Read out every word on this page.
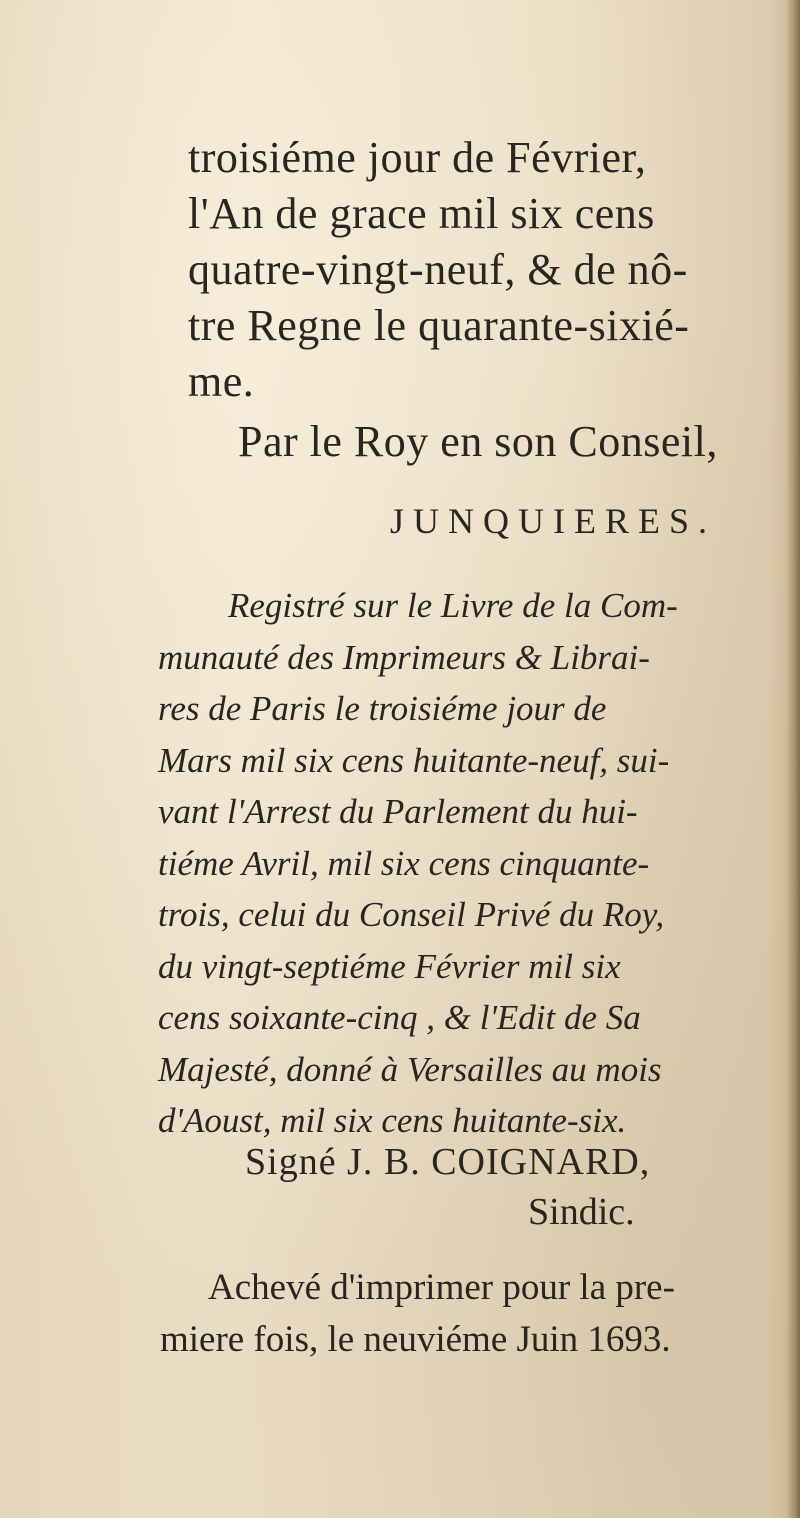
troisiéme jour de Février,
l'An de grace mil six cens
quatre-vingt-neuf, & de nô-
tre Regne le quarante-sixié-
me.
Par le Roy en son Conseil,
JUNQUIERES.
Registré sur le Livre de la Com-
munauté des Imprimeurs & Librai-
res de Paris le troisiéme jour de
Mars mil six cens huitante-neuf, sui-
vant l'Arrest du Parlement du hui-
tiéme Avril, mil six cens cinquante-
trois, celui du Conseil Privé du Roy,
du vingt-septiéme Février mil six
cens soixante-cinq , & l'Edit de Sa
Majesté, donné à Versailles au mois
d'Aoust, mil six cens huitante-six.
Signé J. B. COIGNARD,
Sindic.
Achevé d'imprimer pour la pre-
miere fois, le neuviéme Juin 1693.
